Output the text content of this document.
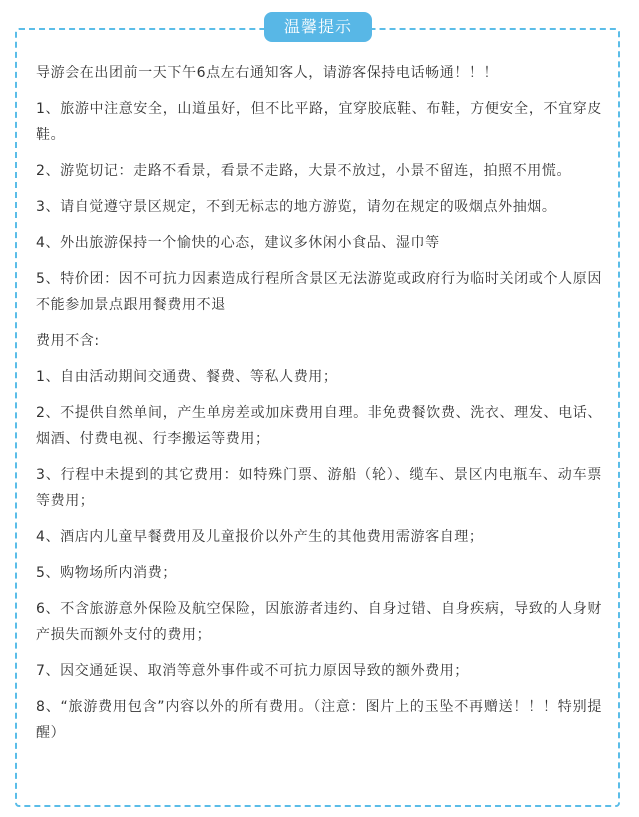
温馨提示

导游会在出团前一天下午6点左右通知客人，请游客保持电话畅通！！！

1、旅游中注意安全，山道虽好，但不比平路，宜穿胶底鞋、布鞋，方便安全，不宜穿皮鞋。

2、游览切记：走路不看景，看景不走路，大景不放过，小景不留连，拍照不用慌。

3、请自觉遵守景区规定，不到无标志的地方游览，请勿在规定的吸烟点外抽烟。

4、外出旅游保持一个愉快的心态，建议多休闲小食品、湿巾等

5、特价团：因不可抗力因素造成行程所含景区无法游览或政府行为临时关闭或个人原因不能参加景点跟用餐费用不退

费用不含:

1、自由活动期间交通费、餐费、等私人费用；

2、不提供自然单间，产生单房差或加床费用自理。非免费餐饮费、洗衣、理发、电话、烟酒、付费电视、行李搬运等费用；

3、行程中未提到的其它费用：如特殊门票、游船（轮）、缆车、景区内电瓶车、动车票等费用；

4、酒店内儿童早餐费用及儿童报价以外产生的其他费用需游客自理；

5、购物场所内消费；

6、不含旅游意外保险及航空保险，因旅游者违约、自身过错、自身疾病，导致的人身财产损失而额外支付的费用；

7、因交通延误、取消等意外事件或不可抗力原因导致的额外费用；

8、“旅游费用包含”内容以外的所有费用。（注意：图片上的玉坠不再赠送！！！特别提醒）
